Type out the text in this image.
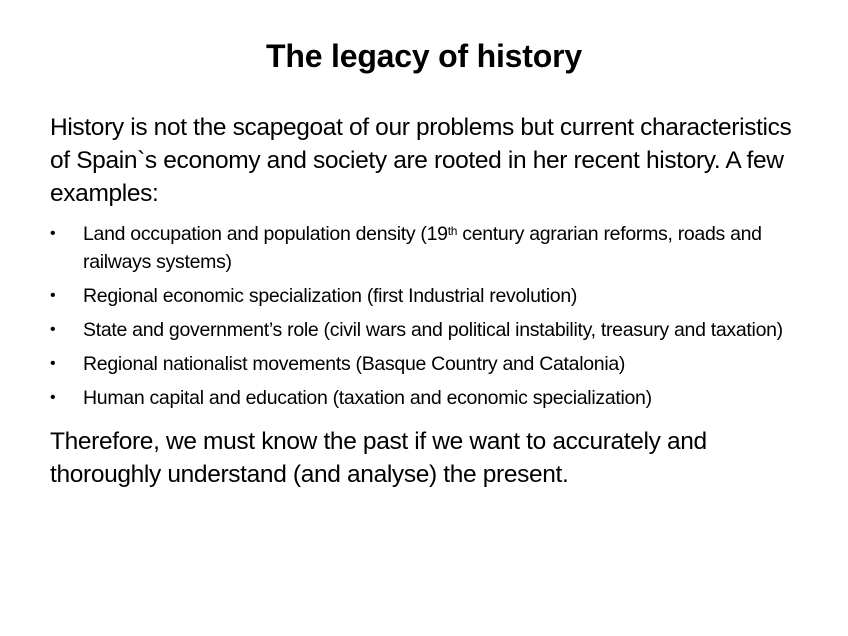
The legacy of history

History is not the scapegoat of our problems but current characteristics of Spain`s economy and society are rooted in her recent history. A few examples:

•	Land occupation and population density (19th century agrarian reforms, roads and railways systems)
•	Regional economic specialization (first Industrial revolution)
•	State and government’s role (civil wars and political instability, treasury and taxation)
•	Regional nationalist movements (Basque Country and Catalonia)
•	Human capital and education (taxation and economic specialization)

Therefore, we must know the past if we want to accurately and thoroughly understand (and analyse) the present.
